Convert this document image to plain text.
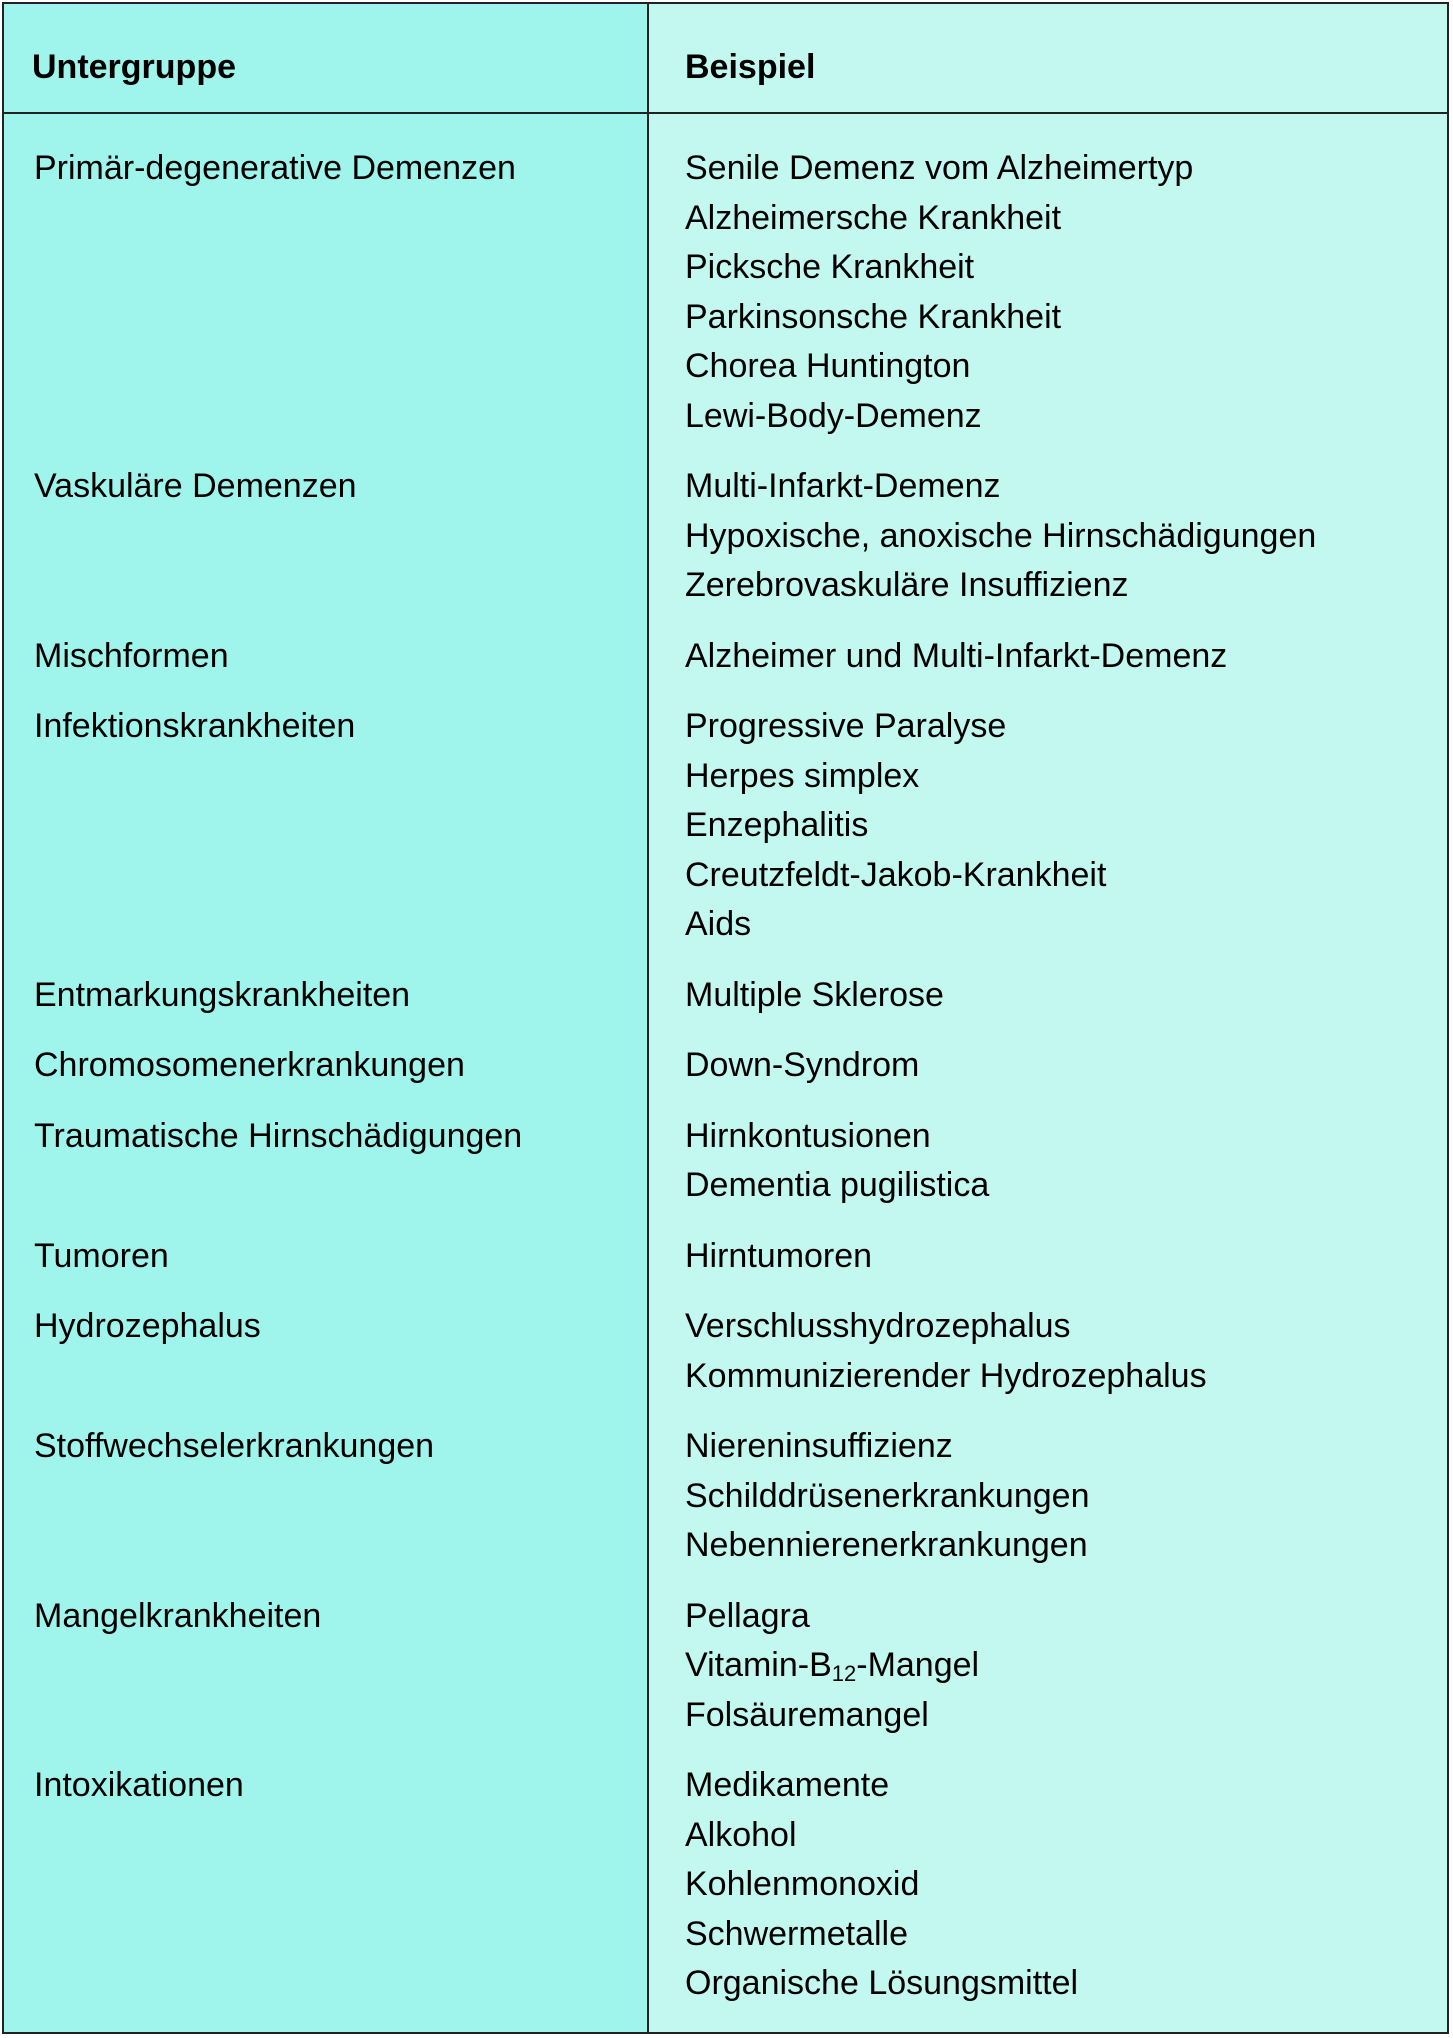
Untergruppe	Beispiel
Primär-degenerative Demenzen	Senile Demenz vom Alzheimertyp
Alzheimersche Krankheit
Picksche Krankheit
Parkinsonsche Krankheit
Chorea Huntington
Lewi-Body-Demenz
Vaskuläre Demenzen	Multi-Infarkt-Demenz
Hypoxische, anoxische Hirnschädigungen
Zerebrovaskuläre Insuffizienz
Mischformen	Alzheimer und Multi-Infarkt-Demenz
Infektionskrankheiten	Progressive Paralyse
Herpes simplex
Enzephalitis
Creutzfeldt-Jakob-Krankheit
Aids
Entmarkungskrankheiten	Multiple Sklerose
Chromosomenerkrankungen	Down-Syndrom
Traumatische Hirnschädigungen	Hirnkontusionen
Dementia pugilistica
Tumoren	Hirntumoren
Hydrozephalus	Verschlusshydrozephalus
Kommunizierender Hydrozephalus
Stoffwechselerkrankungen	Niereninsuffizienz
Schilddrüsenerkrankungen
Nebennierenerkrankungen
Mangelkrankheiten	Pellagra
Vitamin-$B_{12}$-Mangel
Folsäuremangel
Intoxikationen	Medikamente
Alkohol
Kohlenmonoxid
Schwermetalle
Organische Lösungsmittel
